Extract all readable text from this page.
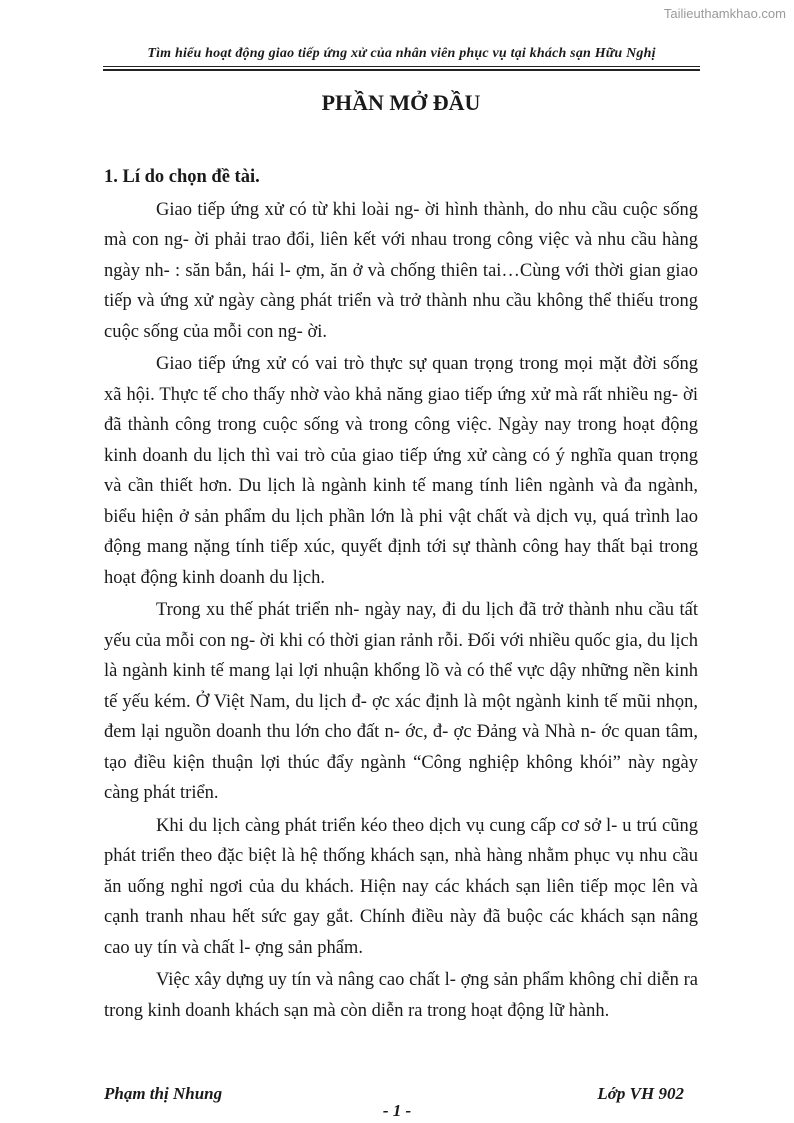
Tailieuthamkhao.com
Tìm hiểu hoạt động giao tiếp ứng xử của nhân viên phục vụ tại khách sạn Hữu Nghị
PHẦN MỞ ĐẦU
1. Lí do chọn đề tài.

Giao tiếp ứng xử có từ khi loài ng- ời hình thành, do nhu cầu cuộc sống mà con ng- ời phải trao đổi, liên kết với nhau trong công việc và nhu cầu hàng ngày nh- : săn bắn, hái l- ợm, ăn ở và chống thiên tai…Cùng với thời gian giao tiếp và ứng xử ngày càng phát triển và trở thành nhu cầu không thể thiếu trong cuộc sống của mỗi con ng- ời.

Giao tiếp ứng xử có vai trò thực sự quan trọng trong mọi mặt đời sống xã hội. Thực tế cho thấy nhờ vào khả năng giao tiếp ứng xử mà rất nhiều ng- ời đã thành công trong cuộc sống và trong công việc. Ngày nay trong hoạt động kinh doanh du lịch thì vai trò của giao tiếp ứng xử càng có ý nghĩa quan trọng và cần thiết hơn. Du lịch là ngành kinh tế mang tính liên ngành và đa ngành, biểu hiện ở sản phẩm du lịch phần lớn là phi vật chất và dịch vụ, quá trình lao động mang nặng tính tiếp xúc, quyết định tới sự thành công hay thất bại trong hoạt động kinh doanh du lịch.

Trong xu thế phát triển nh- ngày nay, đi du lịch đã trở thành nhu cầu tất yếu của mỗi con ng- ời khi có thời gian rảnh rỗi. Đối với nhiều quốc gia, du lịch là ngành kinh tế mang lại lợi nhuận khổng lồ và có thể vực dậy những nền kinh tế yếu kém. Ở Việt Nam, du lịch đ- ợc xác định là một ngành kinh tế mũi nhọn, đem lại nguồn doanh thu lớn cho đất n- ớc, đ- ợc Đảng và Nhà n- ớc quan tâm, tạo điều kiện thuận lợi thúc đẩy ngành “Công nghiệp không khói” này ngày càng phát triển.

Khi du lịch càng phát triển kéo theo dịch vụ cung cấp cơ sở l- u trú cũng phát triển theo đặc biệt là hệ thống khách sạn, nhà hàng nhằm phục vụ nhu cầu ăn uống nghỉ ngơi của du khách. Hiện nay các khách sạn liên tiếp mọc lên và cạnh tranh nhau hết sức gay gắt. Chính điều này đã buộc các khách sạn nâng cao uy tín và chất l- ợng sản phẩm.

Việc xây dựng uy tín và nâng cao chất l- ợng sản phẩm không chỉ diễn ra trong kinh doanh khách sạn mà còn diễn ra trong hoạt động lữ hành.

Phạm thị Nhung	Lớp VH 902
- 1 -
